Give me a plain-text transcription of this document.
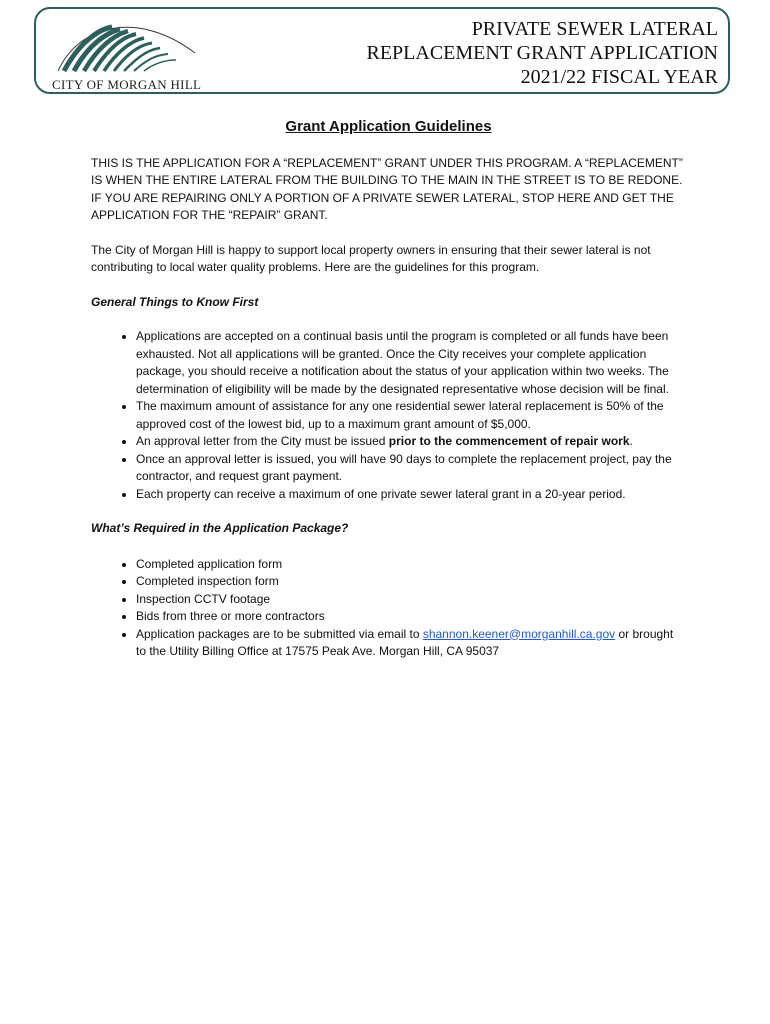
CITY OF MORGAN HILL
PRIVATE SEWER LATERAL
REPLACEMENT GRANT APPLICATION
2021/22 FISCAL YEAR
Grant Application Guidelines

THIS IS THE APPLICATION FOR A “REPLACEMENT” GRANT UNDER THIS PROGRAM. A “REPLACEMENT” IS WHEN THE ENTIRE LATERAL FROM THE BUILDING TO THE MAIN IN THE STREET IS TO BE REDONE. IF YOU ARE REPAIRING ONLY A PORTION OF A PRIVATE SEWER LATERAL, STOP HERE AND GET THE APPLICATION FOR THE “REPAIR” GRANT.

The City of Morgan Hill is happy to support local property owners in ensuring that their sewer lateral is not contributing to local water quality problems. Here are the guidelines for this program.

General Things to Know First

• Applications are accepted on a continual basis until the program is completed or all funds have been exhausted. Not all applications will be granted. Once the City receives your complete application package, you should receive a notification about the status of your application within two weeks. The determination of eligibility will be made by the designated representative whose decision will be final.
• The maximum amount of assistance for any one residential sewer lateral replacement is 50% of the approved cost of the lowest bid, up to a maximum grant amount of $5,000.
• An approval letter from the City must be issued prior to the commencement of repair work.
• Once an approval letter is issued, you will have 90 days to complete the replacement project, pay the contractor, and request grant payment.
• Each property can receive a maximum of one private sewer lateral grant in a 20-year period.

What’s Required in the Application Package?

• Completed application form
• Completed inspection form
• Inspection CCTV footage
• Bids from three or more contractors
• Application packages are to be submitted via email to shannon.keener@morganhill.ca.gov or brought to the Utility Billing Office at 17575 Peak Ave. Morgan Hill, CA 95037
